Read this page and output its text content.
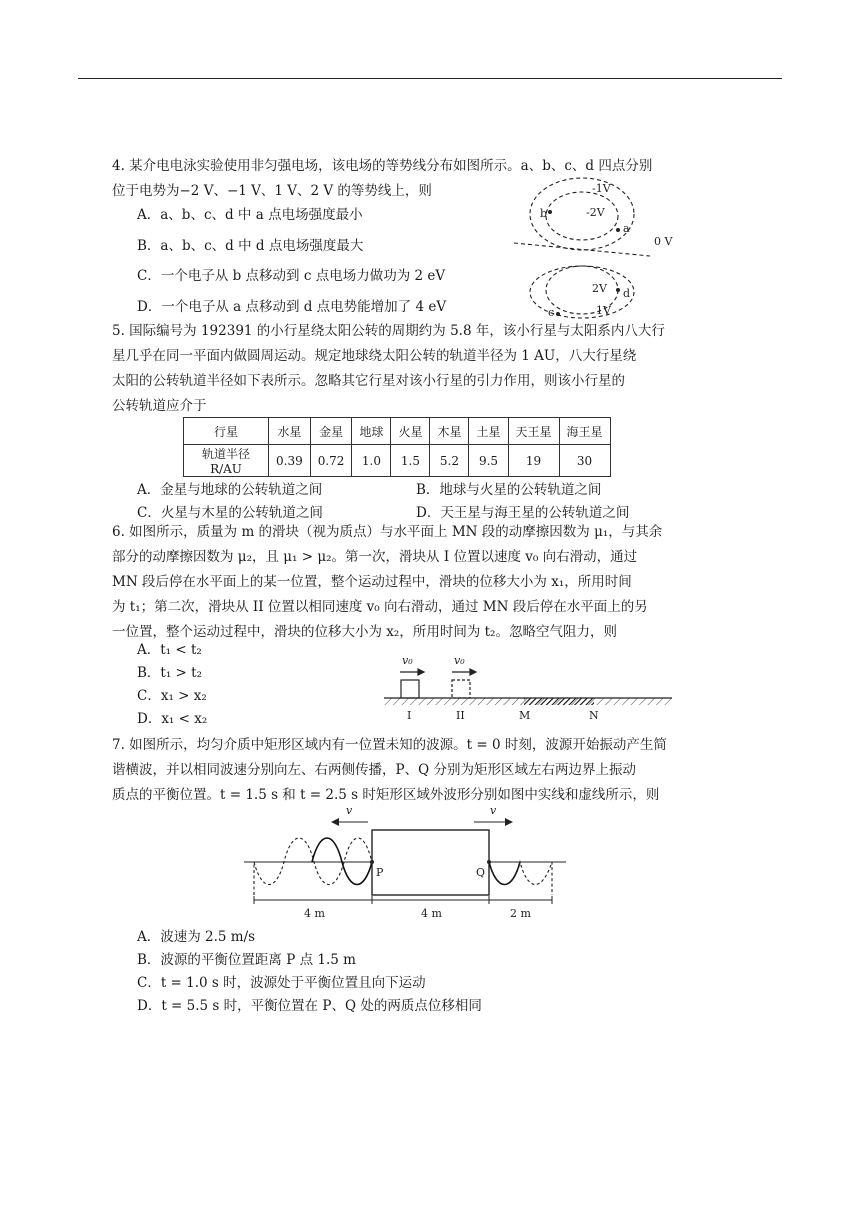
4. 某介电电泳实验使用非匀强电场，该电场的等势线分布如图所示。a、b、c、d 四点分别
位于电势为−2 V、−1 V、1 V、2 V 的等势线上，则
A．a、b、c、d 中 a 点电场强度最小
B．a、b、c、d 中 d 点电场强度最大
C．一个电子从 b 点移动到 c 点电场力做功为 2 eV
D．一个电子从 a 点移动到 d 点电势能增加了 4 eV
a
b
c
d
-1V
-2V
0 V
2V
1V
5. 国际编号为 192391 的小行星绕太阳公转的周期约为 5.8 年，该小行星与太阳系内八大行
星几乎在同一平面内做圆周运动。规定地球绕太阳公转的轨道半径为 1 AU，八大行星绕
太阳的公转轨道半径如下表所示。忽略其它行星对该小行星的引力作用，则该小行星的
公转轨道应介于
行星	水星	金星	地球	火星	木星	土星	天王星	海王星
轨道半径 R/AU	0.39	0.72	1.0	1.5	5.2	9.5	19	30
A．金星与地球的公转轨道之间	B．地球与火星的公转轨道之间
C．火星与木星的公转轨道之间	D．天王星与海王星的公转轨道之间
6. 如图所示，质量为 m 的滑块（视为质点）与水平面上 MN 段的动摩擦因数为 μ₁，与其余
部分的动摩擦因数为 μ₂，且 μ₁ > μ₂。第一次，滑块从 I 位置以速度 v₀ 向右滑动，通过
MN 段后停在水平面上的某一位置，整个运动过程中，滑块的位移大小为 x₁，所用时间
为 t₁；第二次，滑块从 II 位置以相同速度 v₀ 向右滑动，通过 MN 段后停在水平面上的另
一位置，整个运动过程中，滑块的位移大小为 x₂，所用时间为 t₂。忽略空气阻力，则
A．t₁ < t₂
B．t₁ > t₂
C．x₁ > x₂
D．x₁ < x₂
v₀	v₀
I	II	M	N
7. 如图所示，均匀介质中矩形区域内有一位置未知的波源。t = 0 时刻，波源开始振动产生简
谐横波，并以相同波速分别向左、右两侧传播，P、Q 分别为矩形区域左右两边界上振动
质点的平衡位置。t = 1.5 s 和 t = 2.5 s 时矩形区域外波形分别如图中实线和虚线所示，则
P	Q
v	v
4 m	4 m	2 m
A．波速为 2.5 m/s
B．波源的平衡位置距离 P 点 1.5 m
C．t = 1.0 s 时，波源处于平衡位置且向下运动
D．t = 5.5 s 时，平衡位置在 P、Q 处的两质点位移相同
